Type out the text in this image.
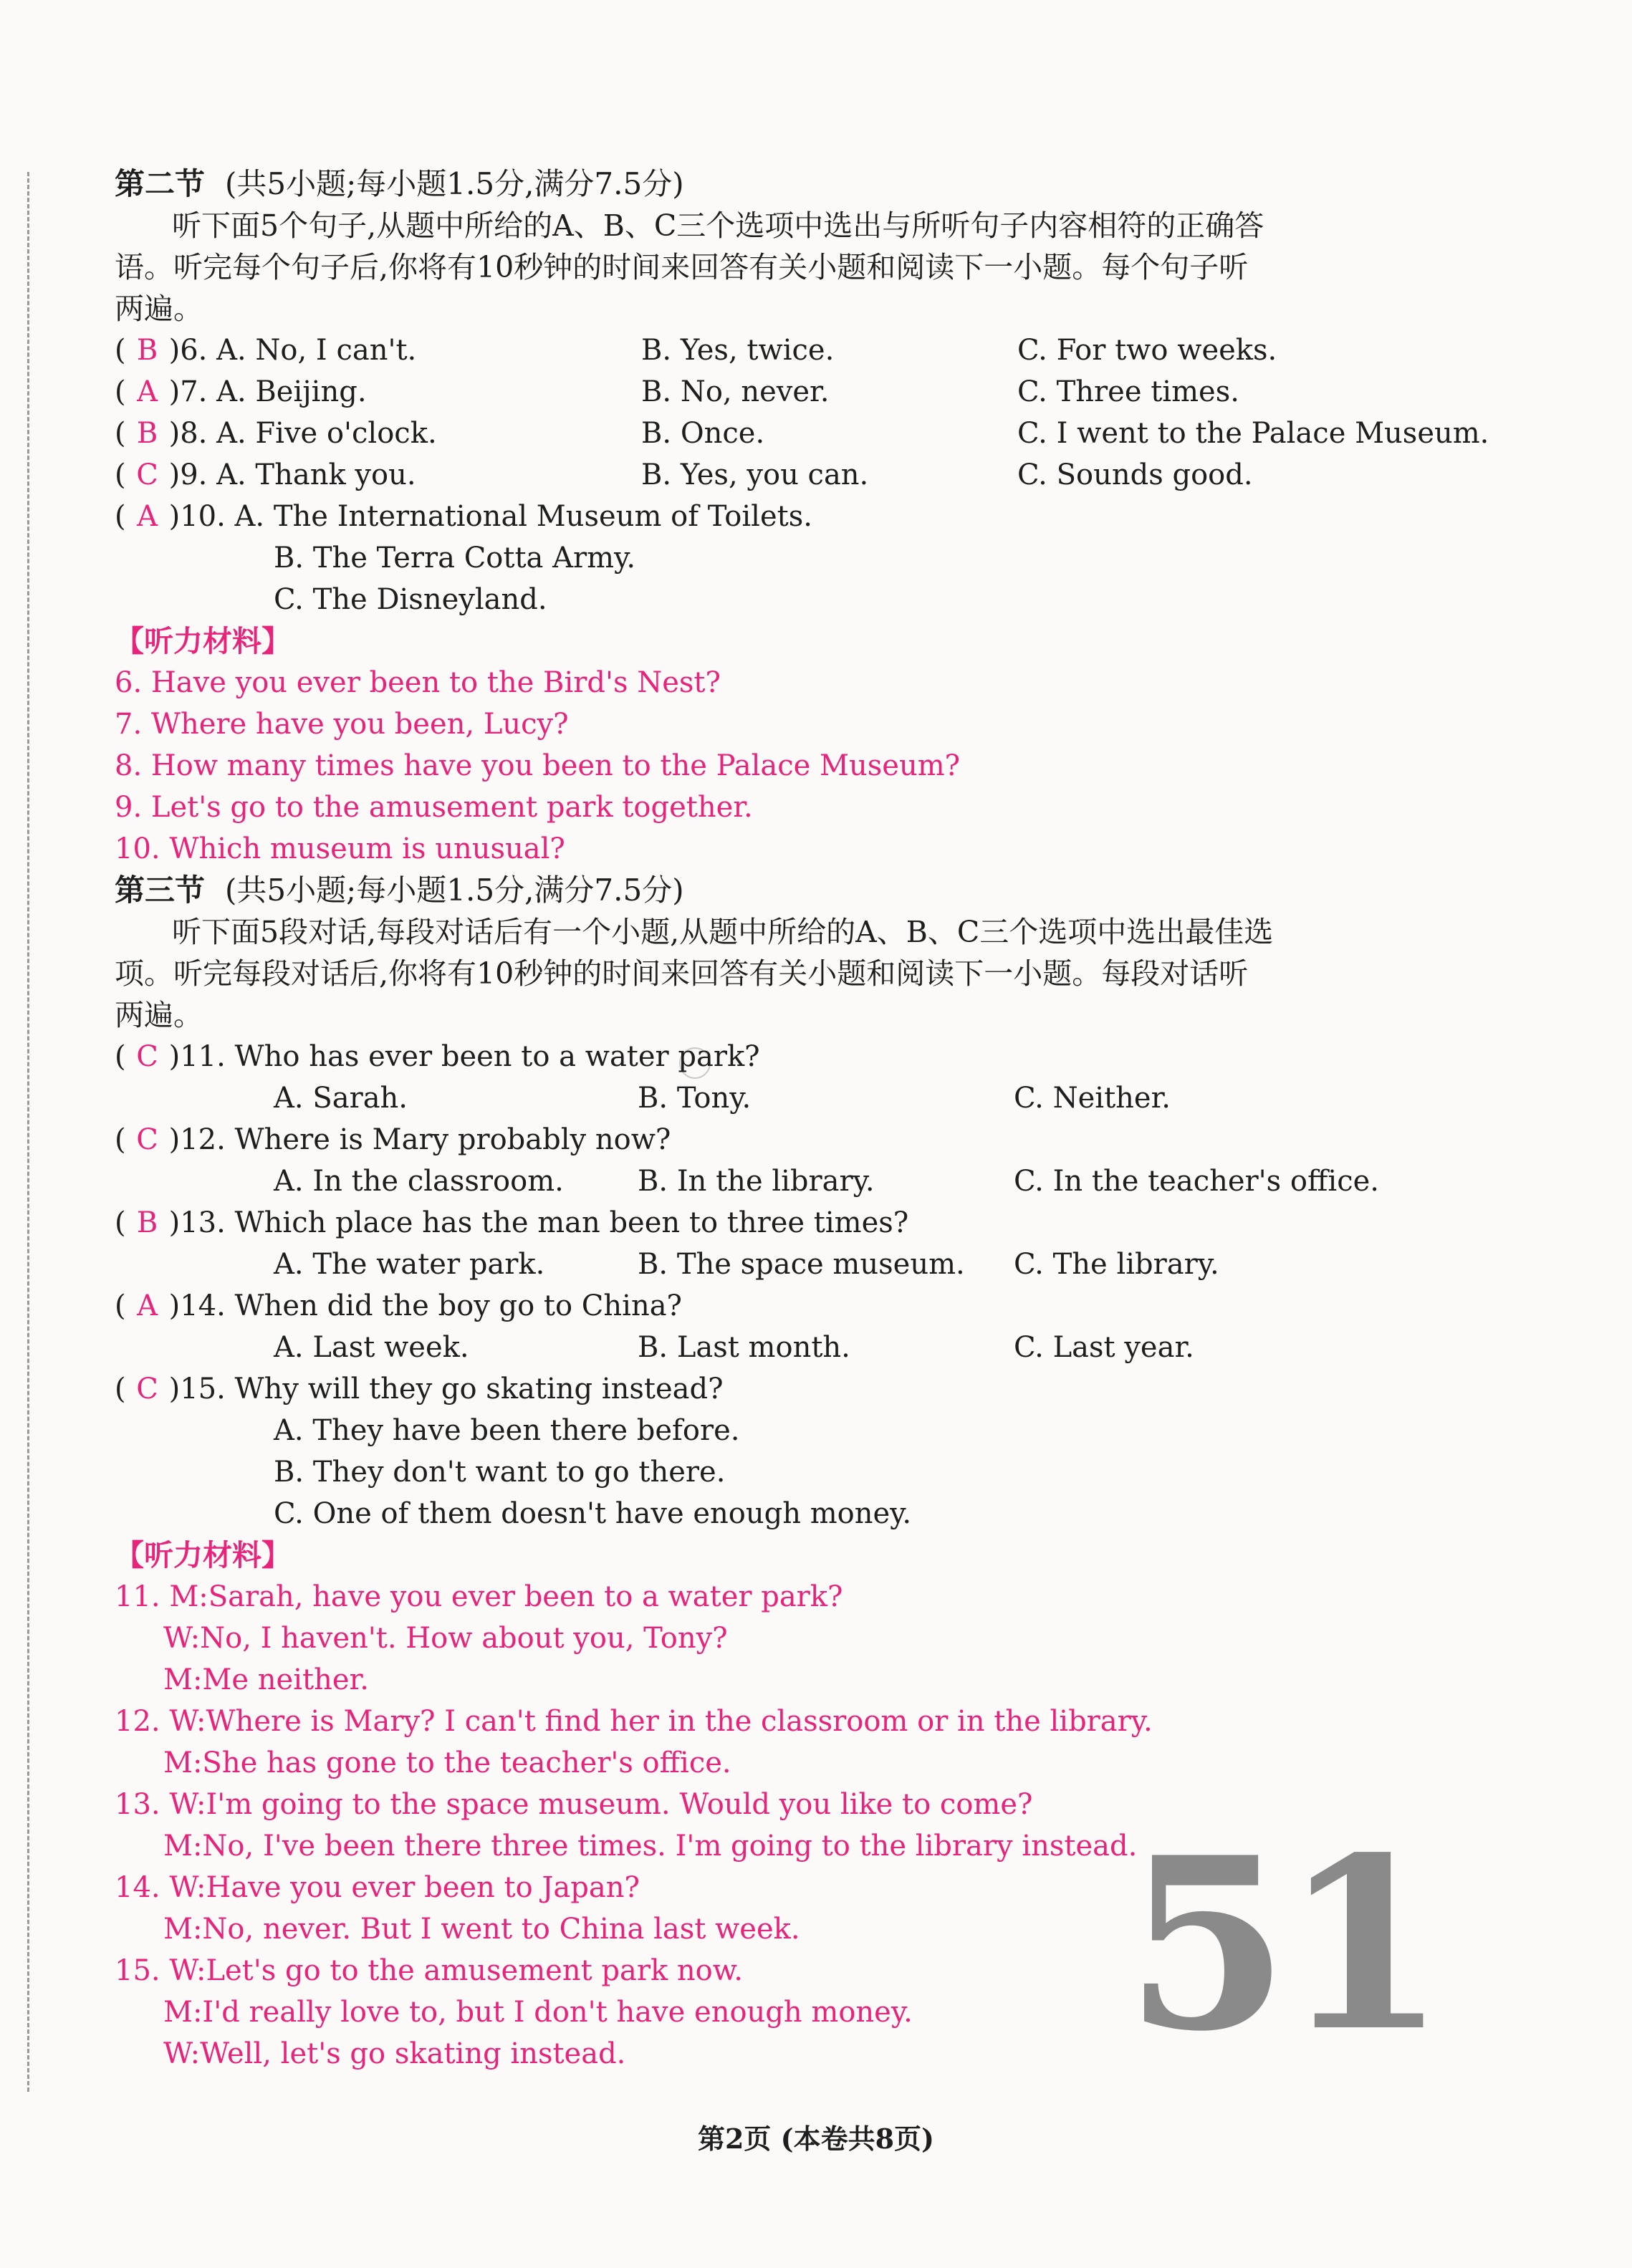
第二节 (共5小题;每小题1.5分,满分7.5分)
听下面5个句子,从题中所给的A、B、C三个选项中选出与所听句子内容相符的正确答
语。听完每个句子后,你将有10秒钟的时间来回答有关小题和阅读下一小题。每个句子听
两遍。
( B )6. A. No, I can't.	B. Yes, twice.	C. For two weeks.
( A )7. A. Beijing.	B. No, never.	C. Three times.
( B )8. A. Five o'clock.	B. Once.	C. I went to the Palace Museum.
( C )9. A. Thank you.	B. Yes, you can.	C. Sounds good.
( A )10. A. The International Museum of Toilets.
B. The Terra Cotta Army.
C. The Disneyland.
【听力材料】
6. Have you ever been to the Bird's Nest?
7. Where have you been, Lucy?
8. How many times have you been to the Palace Museum?
9. Let's go to the amusement park together.
10. Which museum is unusual?
第三节 (共5小题;每小题1.5分,满分7.5分)
听下面5段对话,每段对话后有一个小题,从题中所给的A、B、C三个选项中选出最佳选
项。听完每段对话后,你将有10秒钟的时间来回答有关小题和阅读下一小题。每段对话听
两遍。
( C )11. Who has ever been to a water park?
A. Sarah.	B. Tony.	C. Neither.
( C )12. Where is Mary probably now?
A. In the classroom.	B. In the library.	C. In the teacher's office.
( B )13. Which place has the man been to three times?
A. The water park.	B. The space museum. C. The library.
( A )14. When did the boy go to China?
A. Last week.	B. Last month.	C. Last year.
( C )15. Why will they go skating instead?
A. They have been there before.
B. They don't want to go there.
C. One of them doesn't have enough money.
【听力材料】
11. M:Sarah, have you ever been to a water park?
W:No, I haven't. How about you, Tony?
M:Me neither.
12. W:Where is Mary? I can't find her in the classroom or in the library.
M:She has gone to the teacher's office.
13. W:I'm going to the space museum. Would you like to come?
M:No, I've been there three times. I'm going to the library instead.
14. W:Have you ever been to Japan?
M:No, never. But I went to China last week.
15. W:Let's go to the amusement park now.
M:I'd really love to, but I don't have enough money.
W:Well, let's go skating instead.	51
第2页 (本卷共8页)
